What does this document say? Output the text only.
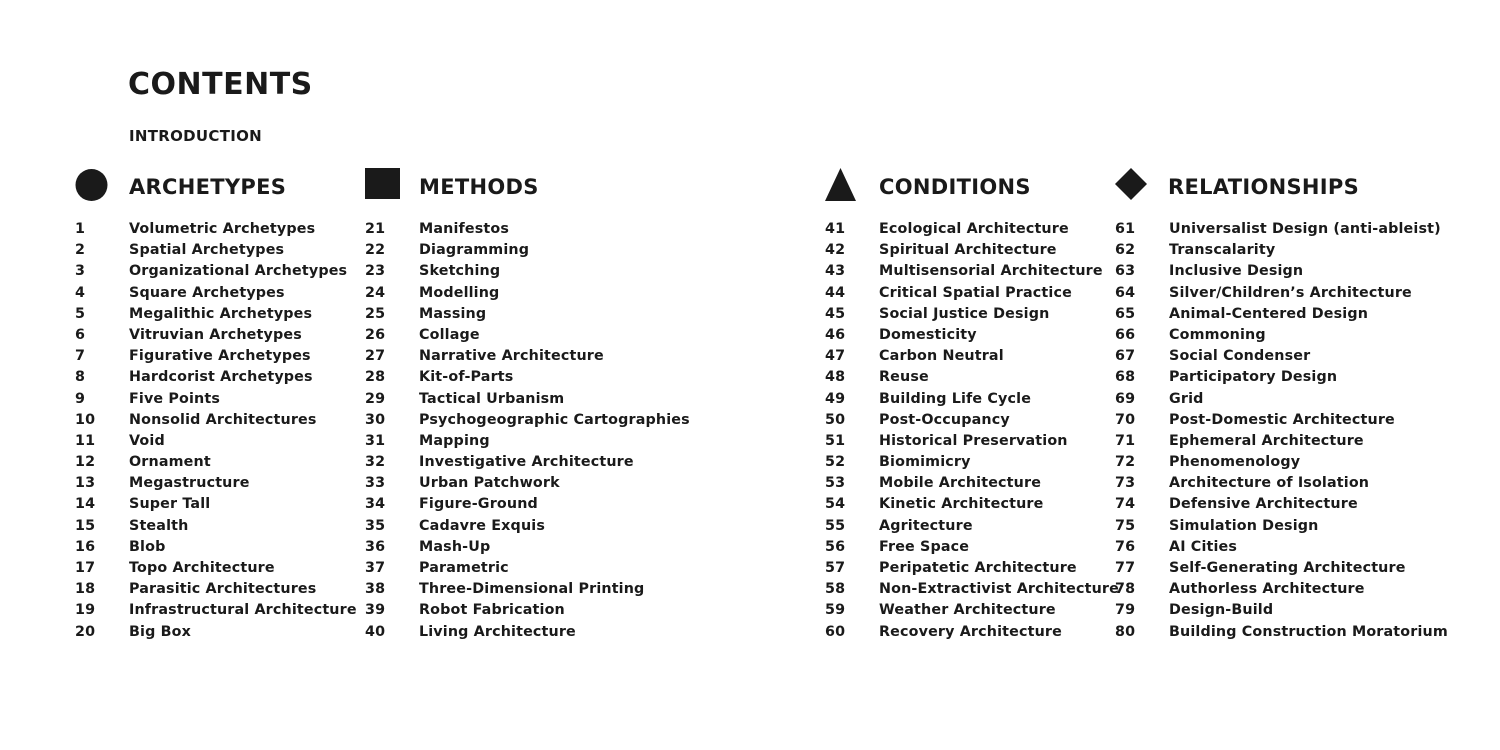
CONTENTS
INTRODUCTION
ARCHETYPES
1	Volumetric Archetypes
2	Spatial Archetypes
3	Organizational Archetypes
4	Square Archetypes
5	Megalithic Archetypes
6	Vitruvian Archetypes
7	Figurative Archetypes
8	Hardcorist Archetypes
9	Five Points
10 Nonsolid Architectures
11 Void
12 Ornament
13 Megastructure
14 Super Tall
15 Stealth
16 Blob
17 Topo Architecture
18 Parasitic Architectures
19 Infrastructural Architecture
20 Big Box
METHODS
21 Manifestos
22 Diagramming
23 Sketching
24 Modelling
25 Massing
26 Collage
27 Narrative Architecture
28 Kit-of-Parts
29 Tactical Urbanism
30 Psychogeographic Cartographies
31 Mapping
32 Investigative Architecture
33 Urban Patchwork
34 Figure-Ground
35 Cadavre Exquis
36 Mash-Up
37 Parametric
38 Three-Dimensional Printing
39 Robot Fabrication
40 Living Architecture
CONDITIONS
41 Ecological Architecture
42 Spiritual Architecture
43 Multisensorial Architecture
44 Critical Spatial Practice
45 Social Justice Design
46 Domesticity
47 Carbon Neutral
48 Reuse
49 Building Life Cycle
50 Post-Occupancy
51 Historical Preservation
52 Biomimicry
53 Mobile Architecture
54 Kinetic Architecture
55 Agritecture
56 Free Space
57 Peripatetic Architecture
58 Non-Extractivist Architecture
59 Weather Architecture
60 Recovery Architecture
RELATIONSHIPS
61 Universalist Design (anti-ableist)
62 Transcalarity
63 Inclusive Design
64 Silver/Children’s Architecture
65 Animal-Centered Design
66 Commoning
67 Social Condenser
68 Participatory Design
69 Grid
70 Post-Domestic Architecture
71 Ephemeral Architecture
72 Phenomenology
73 Architecture of Isolation
74 Defensive Architecture
75 Simulation Design
76 AI Cities
77 Self-Generating Architecture
78 Authorless Architecture
79 Design-Build
80 Building Construction Moratorium
